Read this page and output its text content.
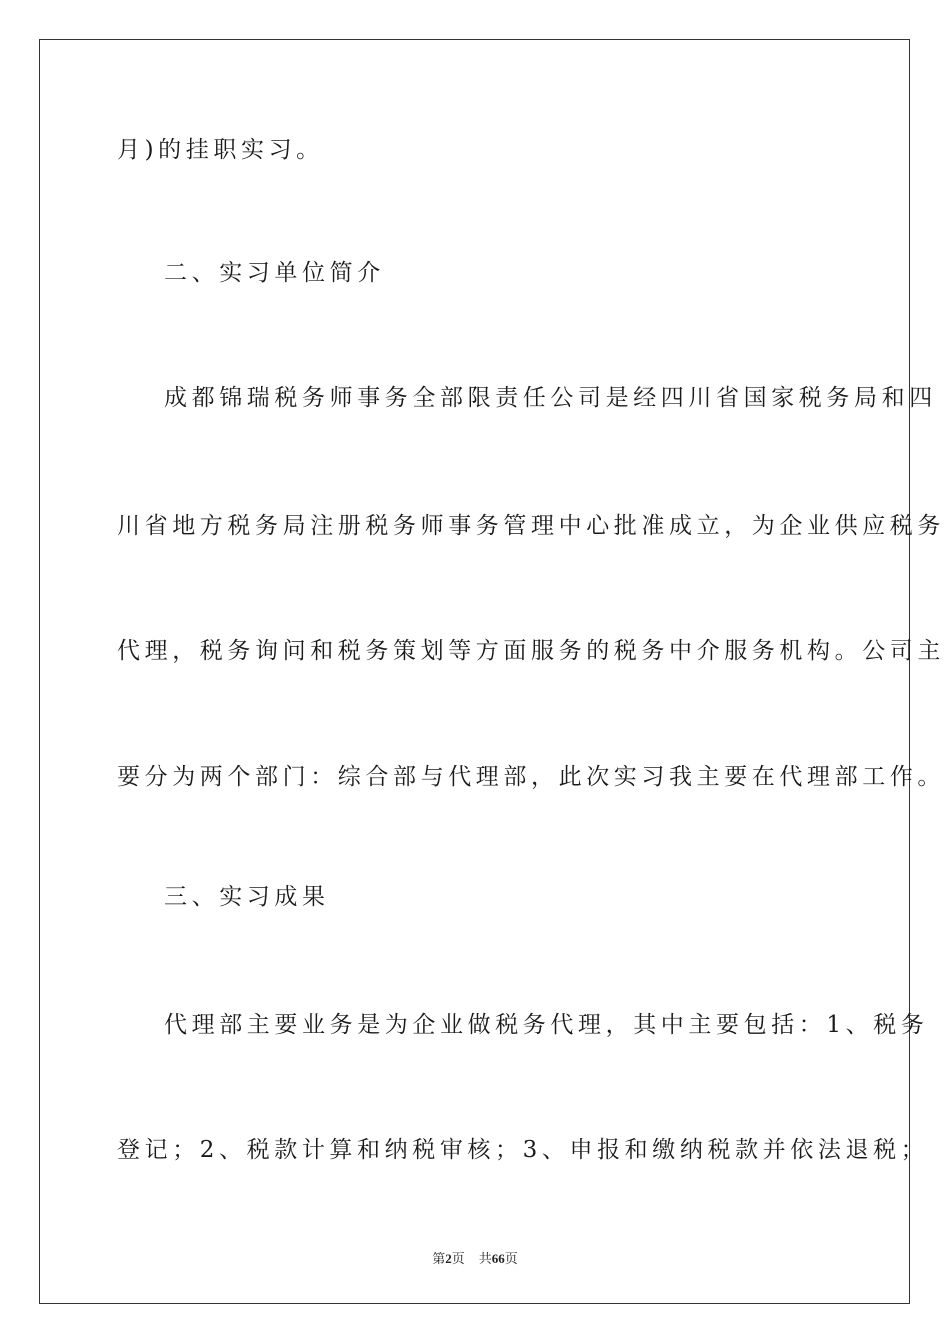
月)的挂职实习。
二、实习单位简介
成都锦瑞税务师事务全部限责任公司是经四川省国家税务局和四
川省地方税务局注册税务师事务管理中心批准成立，为企业供应税务
代理，税务询问和税务策划等方面服务的税务中介服务机构。公司主
要分为两个部门：综合部与代理部，此次实习我主要在代理部工作。
三、实习成果
代理部主要业务是为企业做税务代理，其中主要包括：1、税务
登记；2、税款计算和纳税审核；3、申报和缴纳税款并依法退税；
第2页 共66页
